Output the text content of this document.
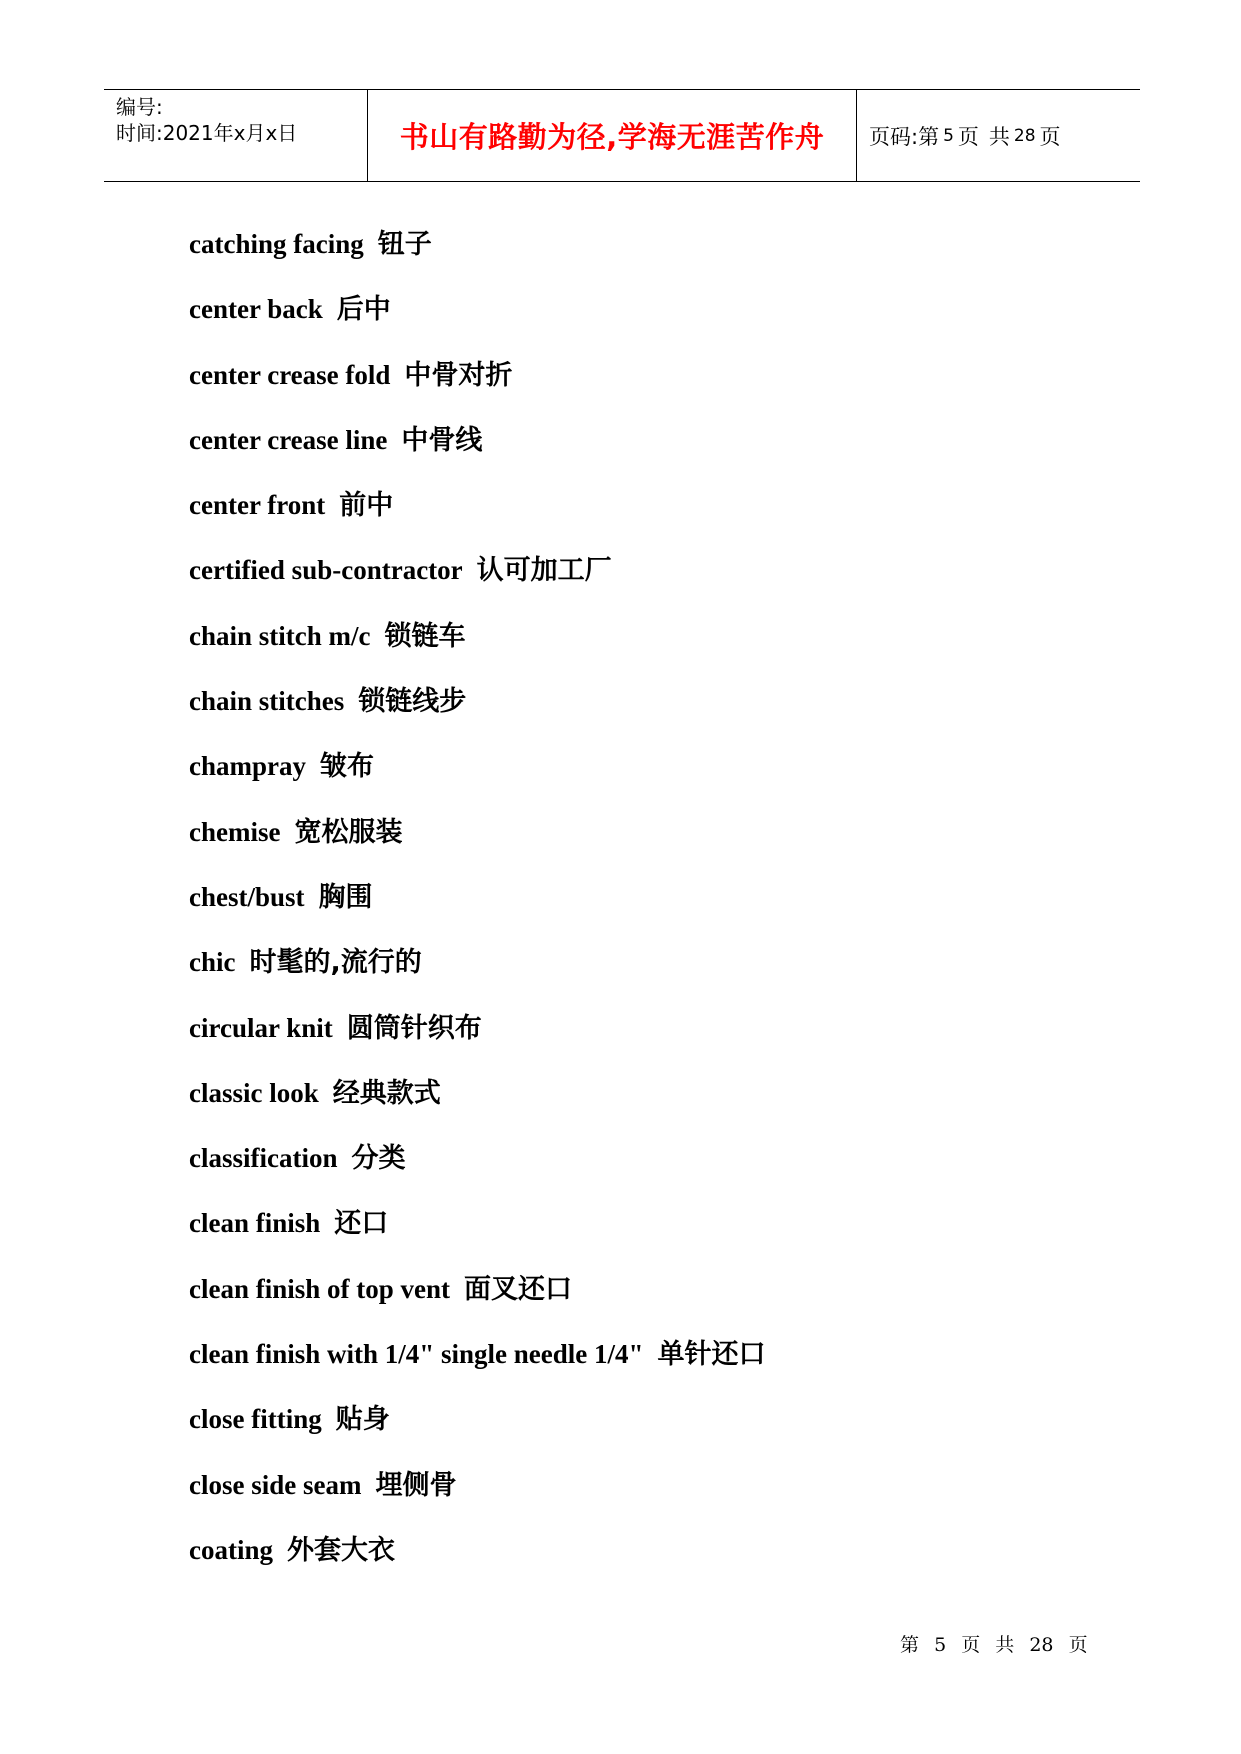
编号:
时间:2021年x月x日	书山有路勤为径,学海无涯苦作舟 页码:第 5 页 共 28 页
catching facing 钮子
center back 后中
center crease fold 中骨对折
center crease line 中骨线
center front 前中
certified sub-contractor 认可加工厂
chain stitch m/c 锁链车
chain stitches 锁链线步
champray 皱布
chemise 宽松服装
chest/bust 胸围
chic 时髦的,流行的
circular knit 圆筒针织布
classic look 经典款式
classification 分类
clean finish 还口
clean finish of top vent 面叉还口
clean finish with 1/4" single needle 1/4" 单针还口
close fitting 贴身
close side seam 埋侧骨
coating 外套大衣
第 5 页 共 28 页
